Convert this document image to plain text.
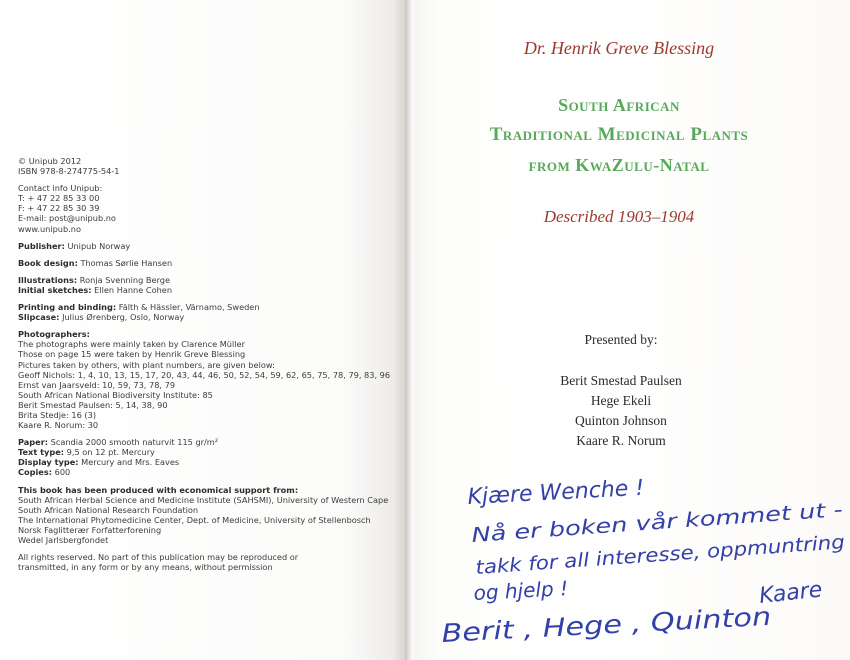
© Unipub 2012
ISBN 978-8-274775-54-1
Contact info Unipub:
T: + 47 22 85 33 00
F: + 47 22 85 30 39
E-mail: post@unipub.no
www.unipub.no
Publisher: Unipub Norway
Book design: Thomas Sørlie Hansen
Illustrations: Ronja Svenning Berge
Initial sketches: Ellen Hanne Cohen
Printing and binding: Fälth & Hässler, Värnamo, Sweden
Slipcase: Julius Ørenberg, Oslo, Norway
Photographers:
The photographs were mainly taken by Clarence Müller
Those on page 15 were taken by Henrik Greve Blessing
Pictures taken by others, with plant numbers, are given below:
Geoff Nichols: 1, 4, 10, 13, 15, 17, 20, 43, 44, 46, 50, 52, 54, 59, 62, 65, 75, 78, 79, 83, 96
Ernst van Jaarsveld: 10, 59, 73, 78, 79
South African National Biodiversity Institute: 85
Berit Smestad Paulsen: 5, 14, 38, 90
Brita Stedje: 16 (3)
Kaare R. Norum: 30
Paper: Scandia 2000 smooth naturvit 115 gr/m²
Text type: 9,5 on 12 pt. Mercury
Display type: Mercury and Mrs. Eaves
Copies: 600
This book has been produced with economical support from:
South African Herbal Science and Medicine Institute (SAHSMI), University of Western Cape
South African National Research Foundation
The International Phytomedicine Center, Dept. of Medicine, University of Stellenbosch
Norsk Faglitterær Forfatterforening
Wedel Jarlsbergfondet
All rights reserved. No part of this publication may be reproduced or
transmitted, in any form or by any means, without permission
Dr. Henrik Greve Blessing
South African
Traditional Medicinal Plants
from KwaZulu-Natal
Described 1903–1904
Presented by:
Berit Smestad Paulsen
Hege Ekeli
Quinton Johnson
Kaare R. Norum
Kjære Wenche !
Nå er boken vår kommet ut -
takk for all interesse, oppmuntring
og hjelp !	Kaare
Berit , Hege , Quinton
